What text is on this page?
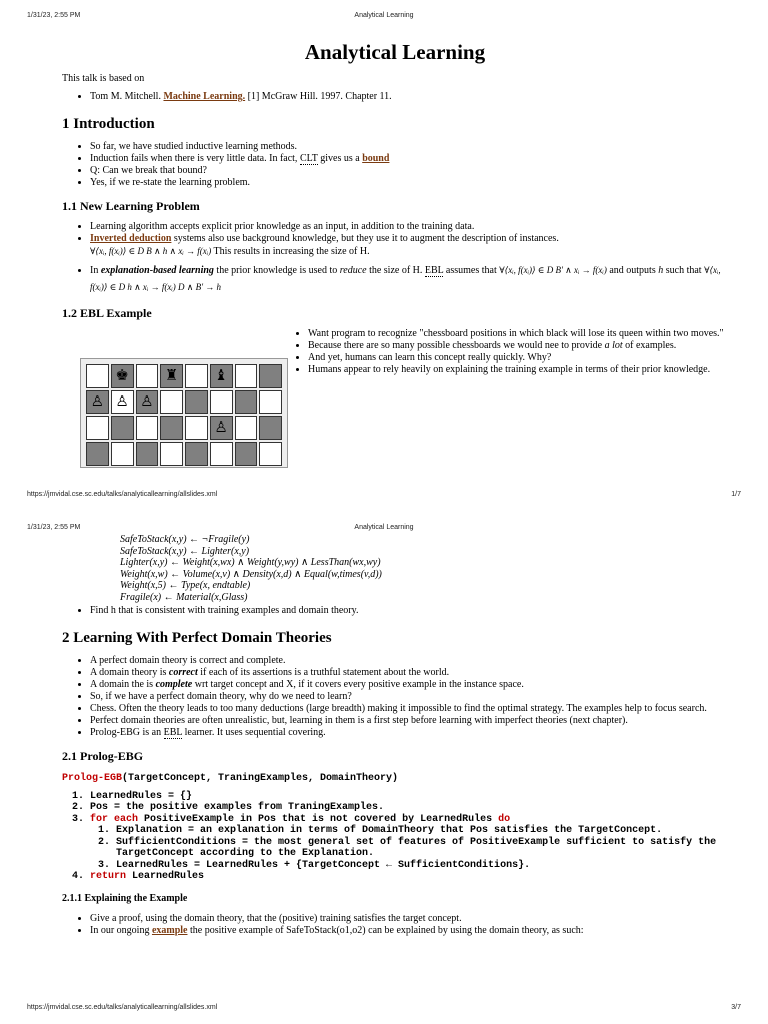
1/31/23, 2:55 PM	Analytical Learning
Analytical Learning

This talk is based on

• Tom M. Mitchell. Machine Learning. [1] McGraw Hill. 1997. Chapter 11.
1 Introduction
• So far, we have studied inductive learning methods.
• Induction fails when there is very little data. In fact, CLT gives us a bound
• Q: Can we break that bound?
• Yes, if we re-state the learning problem.
1.1 New Learning Problem
• Learning algorithm accepts explicit prior knowledge as an input, in addition to the training data.
• Inverted deduction systems also use background knowledge, but they use it to augment the description of instances.
∀⟨xᵢ, f(xᵢ)⟩ ∈ D B ∧ h ∧ xᵢ → f(xᵢ) This results in increasing the size of H.
• In explanation-based learning the prior knowledge is used to reduce the size of H. EBL assumes that ∀⟨xᵢ, f(xᵢ)⟩ ∈ D B′ ∧ xᵢ → f(xᵢ) and outputs h such that ∀⟨xᵢ, f(xᵢ)⟩ ∈ D h ∧ xᵢ → f(xᵢ) D ∧ B′ → h
1.2 EBL Example
♚	♜	♝
♙ ♙ ♙
♙
• Want program to recognize "chessboard positions in which black will lose its queen within two moves."
• Because there are so many possible chessboards we would nee to provide a lot of examples.
• And yet, humans can learn this concept really quickly. Why?
• Humans appear to rely heavily on explaining the training example in terms of their prior knowledge.
https://jmvidal.cse.sc.edu/talks/analyticallearning/allslides.xml	1/7
1/31/23, 2:55 PM	Analytical Learning
SafeToStack(x,y) ← ¬Fragile(y)
SafeToStack(x,y) ← Lighter(x,y)
Lighter(x,y) ← Weight(x,wx) ∧ Weight(y,wy) ∧ LessThan(wx,wy)
Weight(x,w) ← Volume(x,v) ∧ Density(x,d) ∧ Equal(w,times(v,d))
Weight(x,5) ← Type(x, endtable)
Fragile(x) ← Material(x,Glass)
• Find h that is consistent with training examples and domain theory.
2 Learning With Perfect Domain Theories
• A perfect domain theory is correct and complete.
• A domain theory is correct if each of its assertions is a truthful statement about the world.
• A domain the is complete wrt target concept and X, if it covers every positive example in the instance space.
• So, if we have a perfect domain theory, why do we need to learn?
• Chess. Often the theory leads to too many deductions (large breadth) making it impossible to find the optimal strategy. The examples help to focus search.
• Perfect domain theories are often unrealistic, but, learning in them is a first step before learning with imperfect theories (next chapter).
• Prolog-EBG is an EBL learner. It uses sequential covering.
2.1 Prolog-EBG
Prolog-EGB(TargetConcept, TraningExamples, DomainTheory)
1. LearnedRules = {}
2. Pos = the positive examples from TraningExamples.
3. for each PositiveExample in Pos that is not covered by LearnedRules do
1. Explanation = an explanation in terms of DomainTheory that Pos satisfies the TargetConcept.
2. SufficientConditions = the most general set of features of PositiveExample sufficient to satisfy the TargetConcept according to the Explanation.
3. LearnedRules = LearnedRules + {TargetConcept ← SufficientConditions}.
4. return LearnedRules
2.1.1 Explaining the Example
• Give a proof, using the domain theory, that the (positive) training satisfies the target concept.
• In our ongoing example the positive example of SafeToStack(o1,o2) can be explained by using the domain theory, as such:
https://jmvidal.cse.sc.edu/talks/analyticallearning/allslides.xml	3/7
